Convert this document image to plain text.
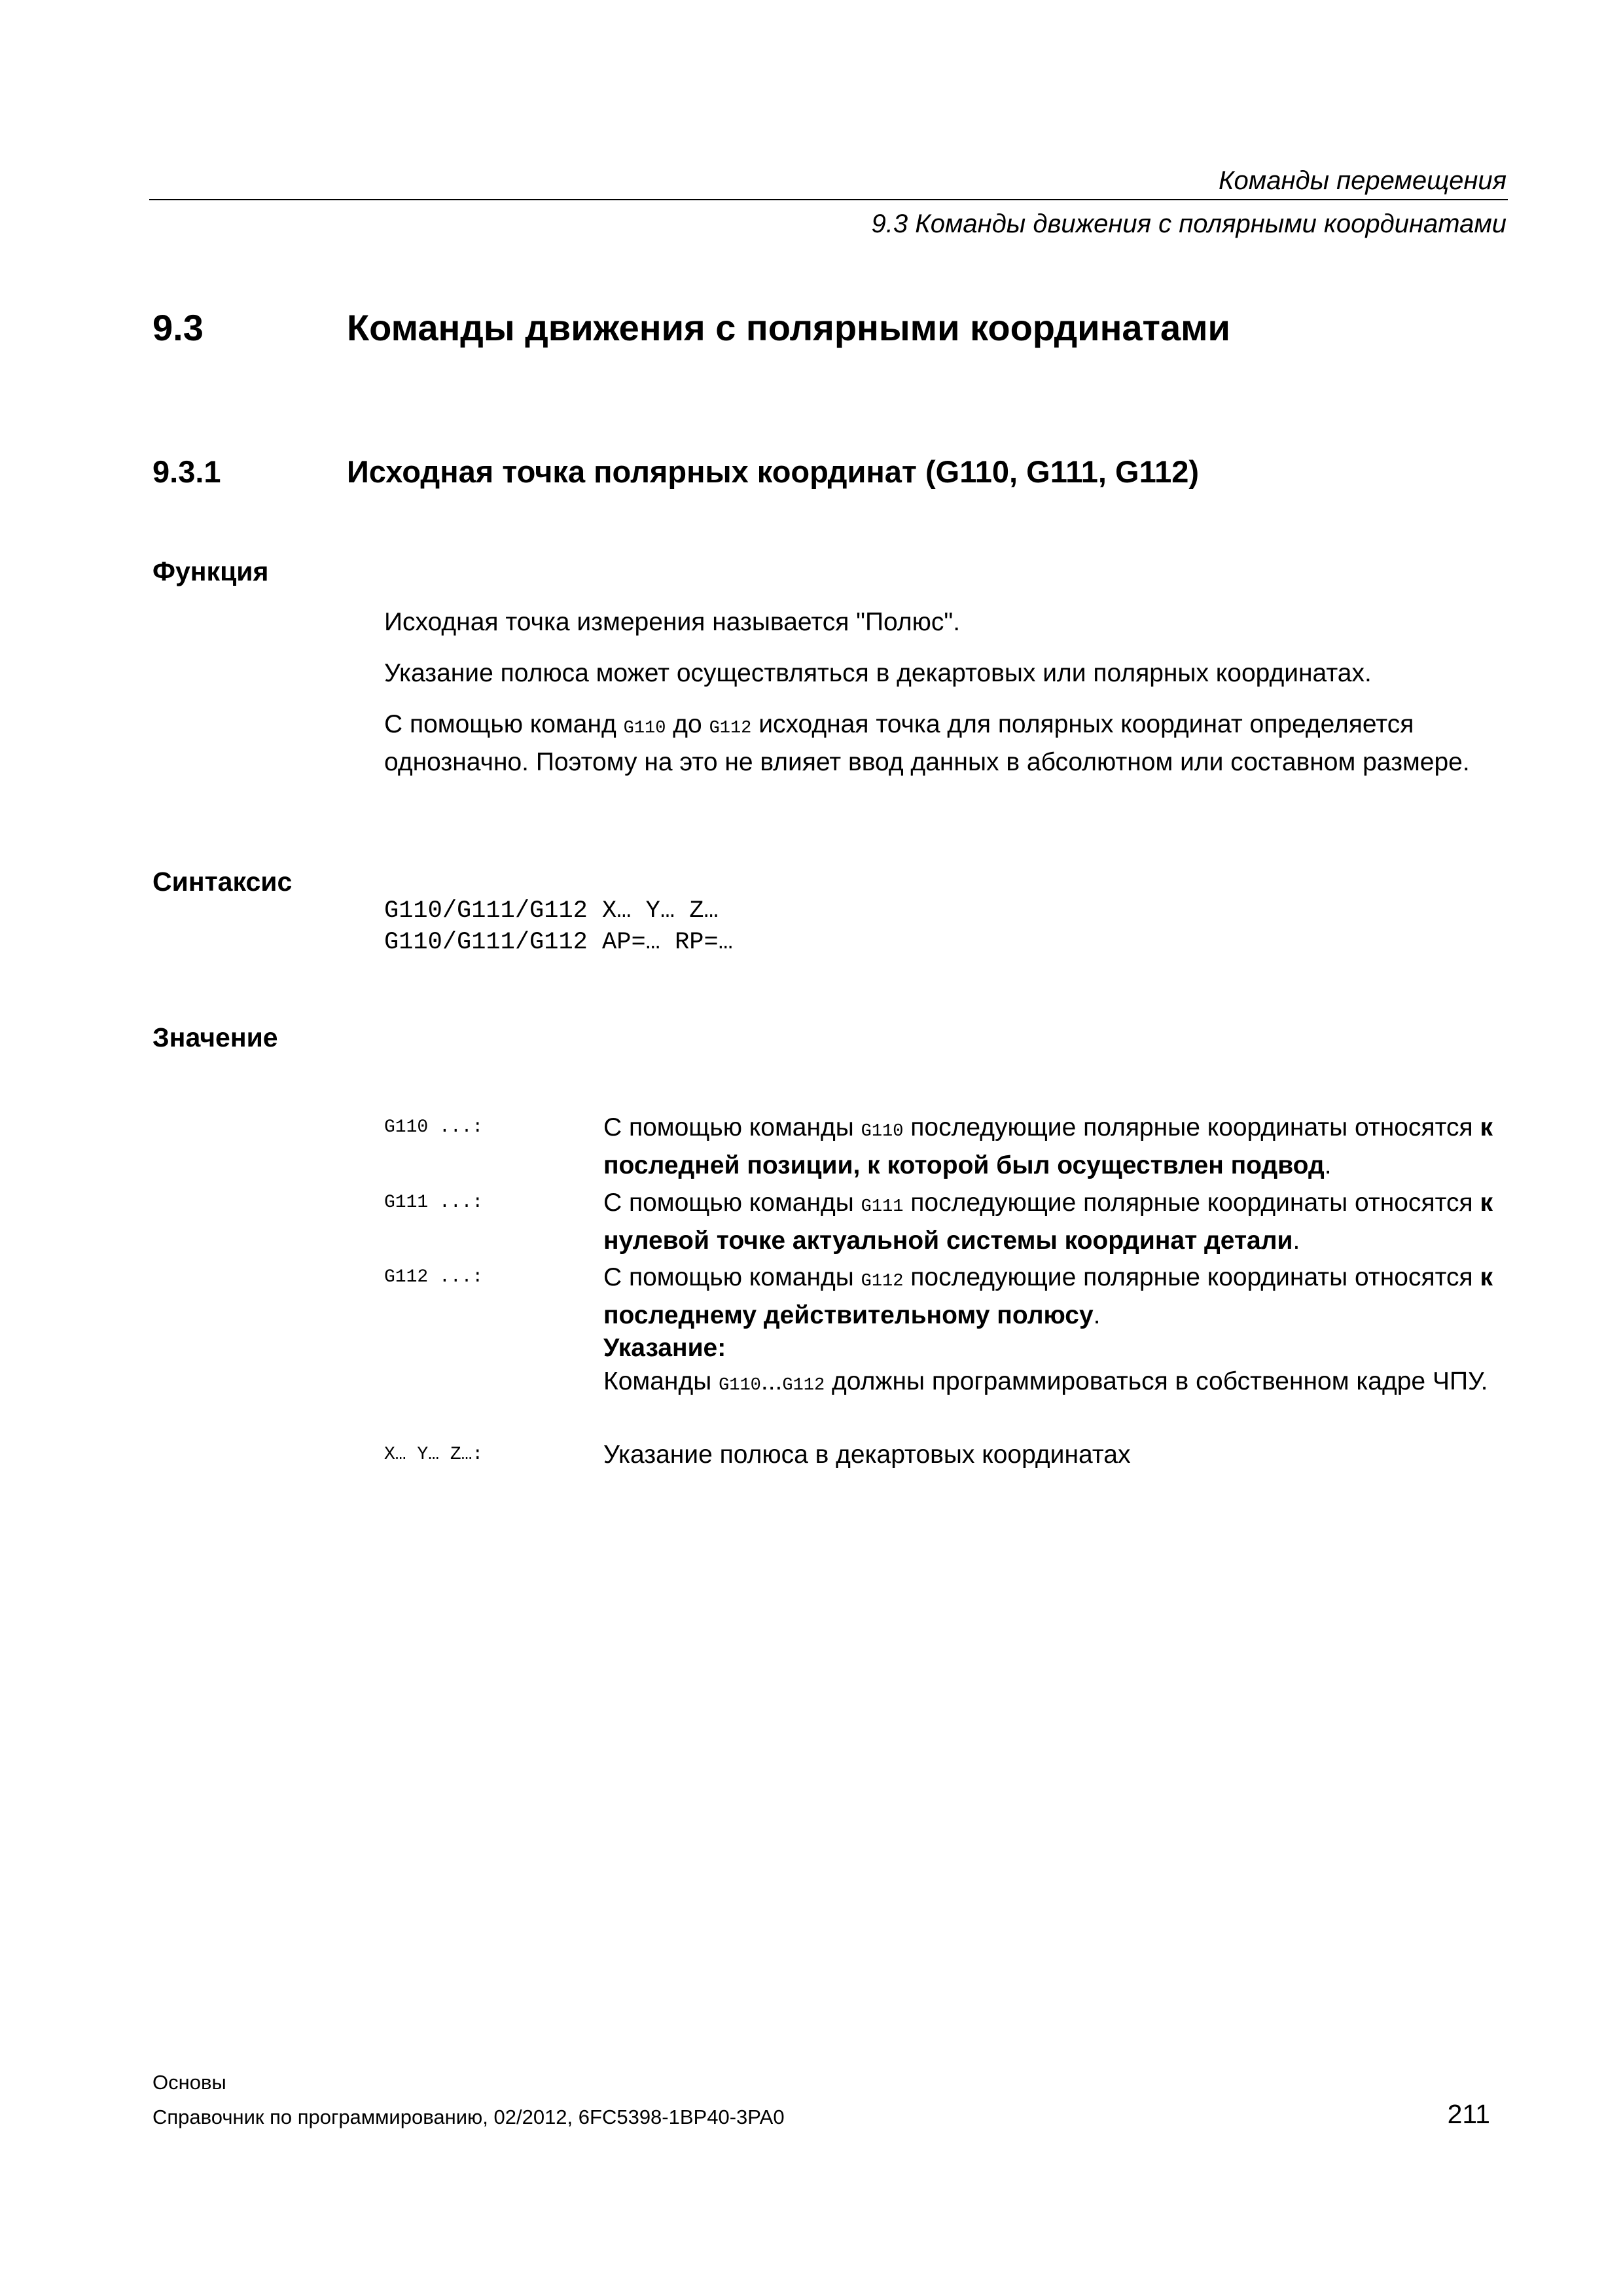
Команды перемещения
9.3 Команды движения с полярными координатами
9.3	Команды движения с полярными координатами
9.3.1	Исходная точка полярных координат (G110, G111, G112)
Функция
Исходная точка измерения называется "Полюс".
Указание полюса может осуществляться в декартовых или полярных координатах.
С помощью команд G110 до G112 исходная точка для полярных координат определяется однозначно. Поэтому на это не влияет ввод данных в абсолютном или составном размере.
Синтаксис
G110/G111/G112 X… Y… Z…
G110/G111/G112 AP=… RP=…
Значение
G110 ...:	С помощью команды G110 последующие полярные координаты относятся к последней позиции, к которой был осуществлен подвод.
G111 ...:	С помощью команды G111 последующие полярные координаты относятся к нулевой точке актуальной системы координат детали.
G112 ...:	С помощью команды G112 последующие полярные координаты относятся к последнему действительному полюсу.
Указание:
Команды G110...G112 должны программироваться в собственном кадре ЧПУ.
X… Y… Z…:	Указание полюса в декартовых координатах
Основы
Справочник по программированию, 02/2012, 6FC5398-1BP40-3PA0	211
